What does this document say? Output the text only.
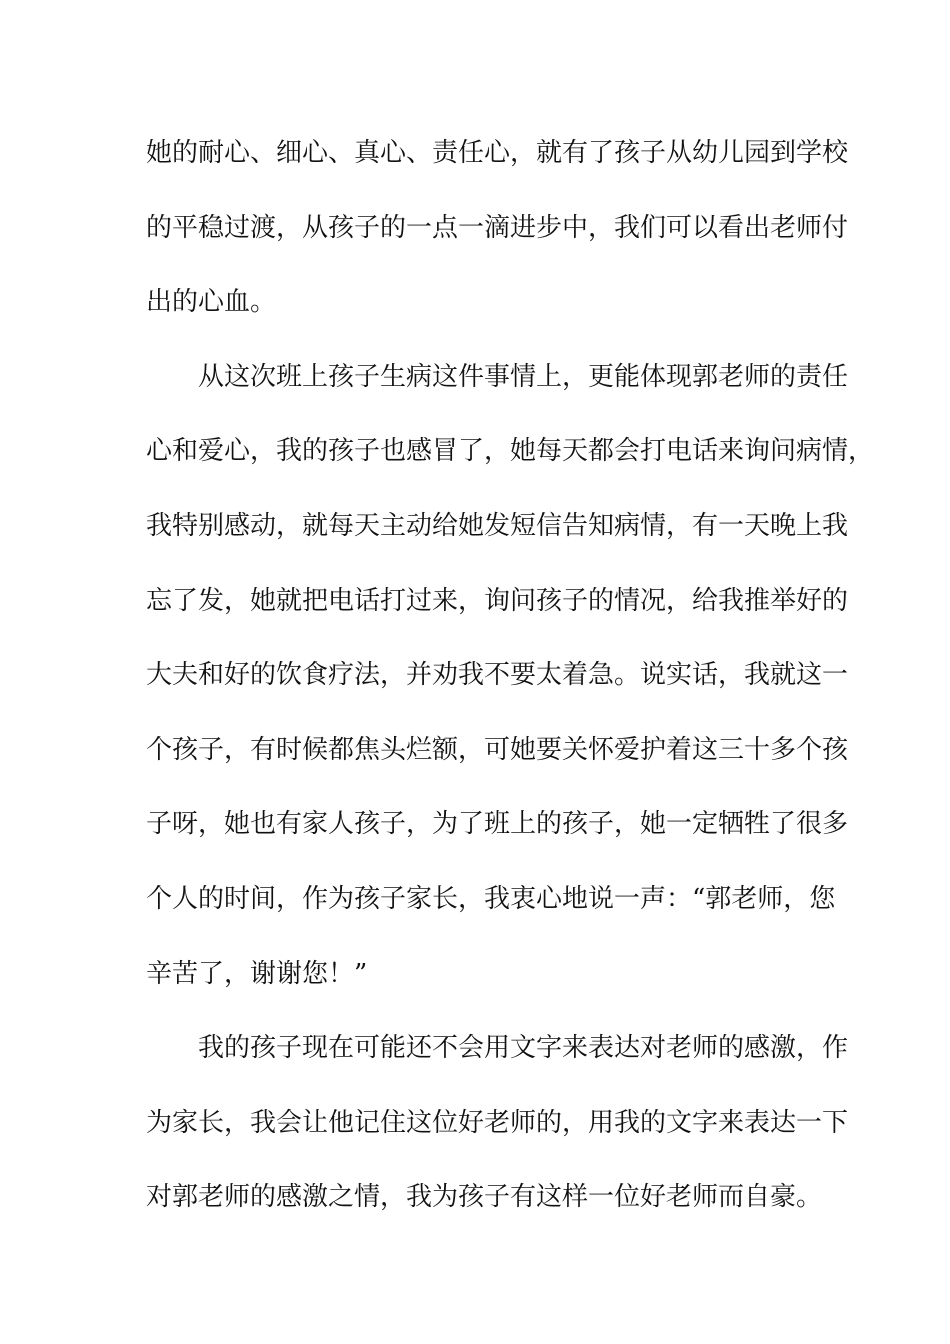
她的耐心、细心、真心、责任心，就有了孩子从幼儿园到学校
的平稳过渡，从孩子的一点一滴进步中，我们可以看出老师付
出的心血。
从这次班上孩子生病这件事情上，更能体现郭老师的责任
心和爱心，我的孩子也感冒了，她每天都会打电话来询问病情，
我特别感动，就每天主动给她发短信告知病情，有一天晚上我
忘了发，她就把电话打过来，询问孩子的情况，给我推举好的
大夫和好的饮食疗法，并劝我不要太着急。说实话，我就这一
个孩子，有时候都焦头烂额，可她要关怀爱护着这三十多个孩
子呀，她也有家人孩子，为了班上的孩子，她一定牺牲了很多
个人的时间，作为孩子家长，我衷心地说一声：“郭老师，您
辛苦了，谢谢您！”
我的孩子现在可能还不会用文字来表达对老师的感激，作
为家长，我会让他记住这位好老师的，用我的文字来表达一下
对郭老师的感激之情，我为孩子有这样一位好老师而自豪。
